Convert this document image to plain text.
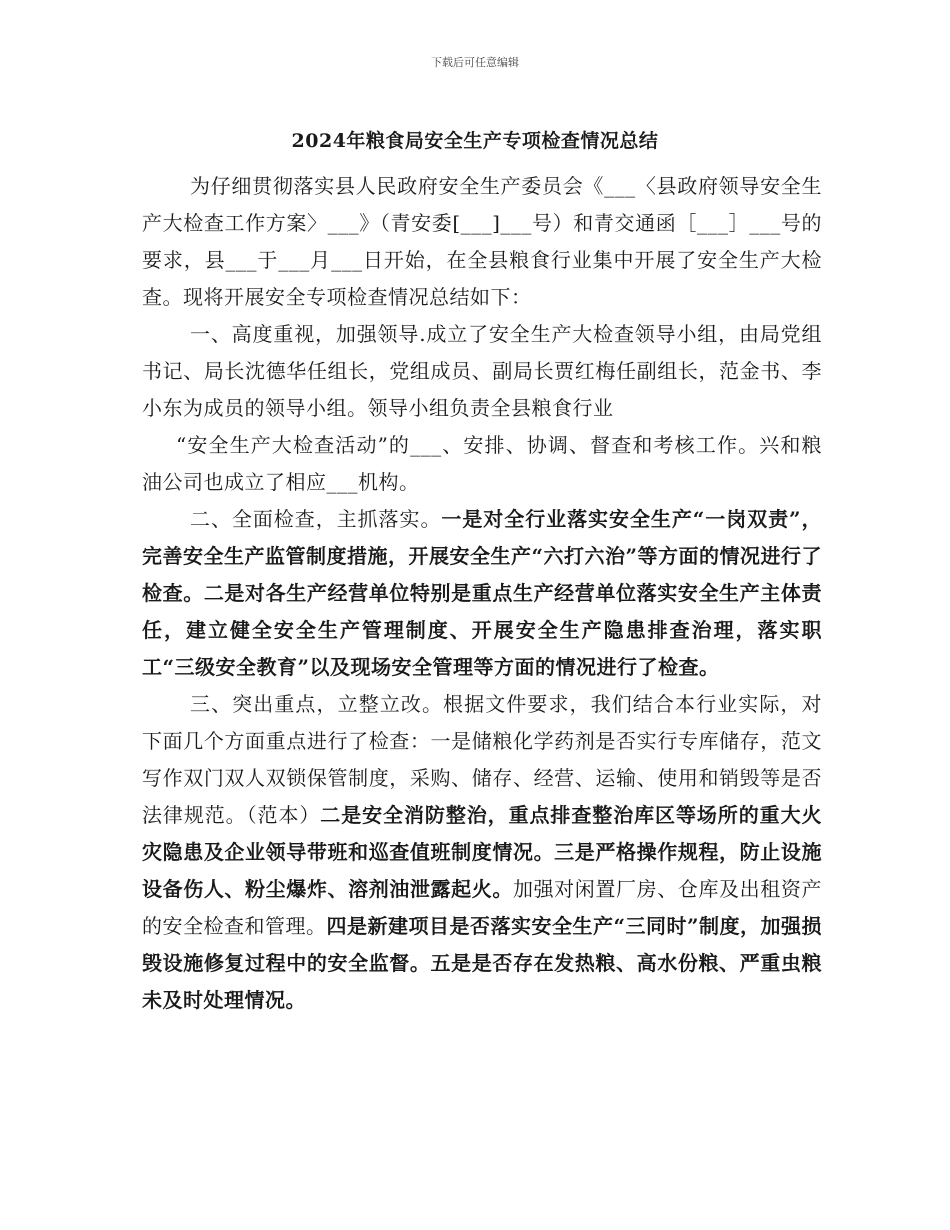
下载后可任意编辑
2024年粮食局安全生产专项检查情况总结

为仔细贯彻落实县人民政府安全生产委员会《___〈县政府领导安全生产大检查工作方案〉___》（青安委[___]___号）和青交通函［___］___号的要求，县___于___月___日开始，在全县粮食行业集中开展了安全生产大检查。现将开展安全专项检查情况总结如下：

一、高度重视，加强领导.成立了安全生产大检查领导小组，由局党组书记、局长沈德华任组长，党组成员、副局长贾红梅任副组长，范金书、李小东为成员的领导小组。领导小组负责全县粮食行业

“安全生产大检查活动”的___、安排、协调、督查和考核工作。兴和粮油公司也成立了相应___机构。

二、全面检查，主抓落实。一是对全行业落实安全生产“一岗双责”，完善安全生产监管制度措施，开展安全生产“六打六治”等方面的情况进行了检查。二是对各生产经营单位特别是重点生产经营单位落实安全生产主体责任，建立健全安全生产管理制度、开展安全生产隐患排查治理，落实职工“三级安全教育”以及现场安全管理等方面的情况进行了检查。

三、突出重点，立整立改。根据文件要求，我们结合本行业实际，对下面几个方面重点进行了检查：一是储粮化学药剂是否实行专库储存，范文写作双门双人双锁保管制度，采购、储存、经营、运输、使用和销毁等是否法律规范。（范本）二是安全消防整治，重点排查整治库区等场所的重大火灾隐患及企业领导带班和巡查值班制度情况。三是严格操作规程，防止设施设备伤人、粉尘爆炸、溶剂油泄露起火。加强对闲置厂房、仓库及出租资产的安全检查和管理。四是新建项目是否落实安全生产“三同时”制度，加强损毁设施修复过程中的安全监督。五是是否存在发热粮、高水份粮、严重虫粮未及时处理情况。
